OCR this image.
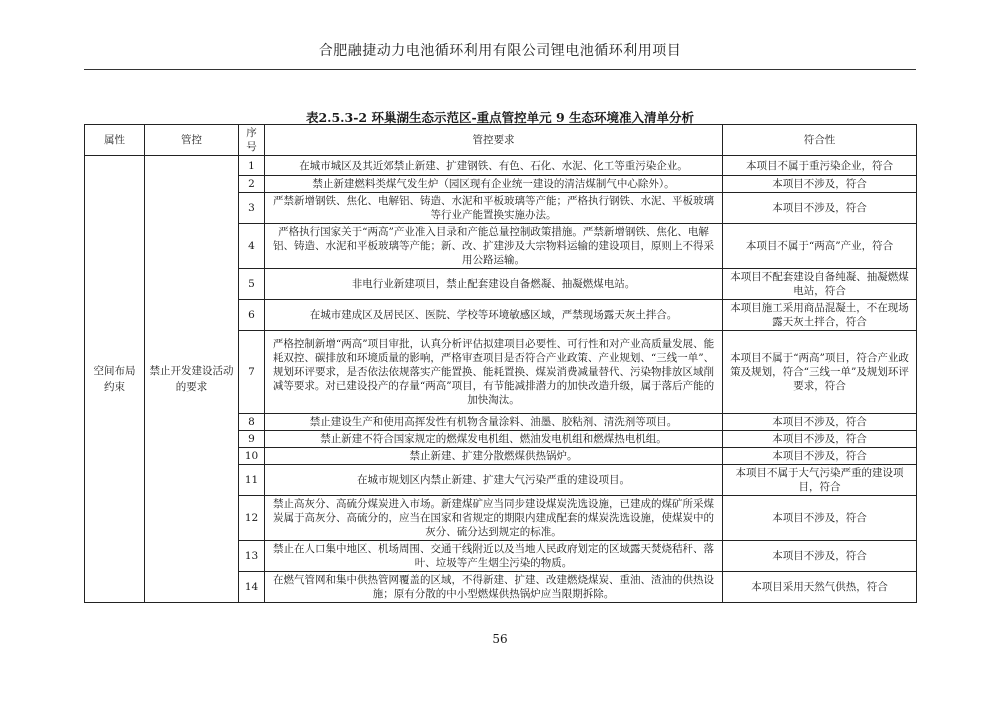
合肥融捷动力电池循环利用有限公司锂电池循环利用项目
表2.5.3-2 环巢湖生态示范区-重点管控单元 9 生态环境准入清单分析
属性	管控	序号	管控要求	符合性
空间布局约束	禁止开发建设活动的要求	1	在城市城区及其近郊禁止新建、扩建钢铁、有色、石化、水泥、化工等重污染企业。	本项目不属于重污染企业，符合
		2	禁止新建燃料类煤气发生炉（园区现有企业统一建设的清洁煤制气中心除外）。	本项目不涉及，符合
		3	严禁新增钢铁、焦化、电解铝、铸造、水泥和平板玻璃等产能；严格执行钢铁、水泥、平板玻璃等行业产能置换实施办法。	本项目不涉及，符合
		4	严格执行国家关于“两高”产业准入目录和产能总量控制政策措施。严禁新增钢铁、焦化、电解铝、铸造、水泥和平板玻璃等产能；新、改、扩建涉及大宗物料运输的建设项目，原则上不得采用公路运输。	本项目不属于“两高”产业，符合
		5	非电行业新建项目，禁止配套建设自备燃凝、抽凝燃煤电站。	本项目不配套建设自备纯凝、抽凝燃煤电站，符合
		6	在城市建成区及居民区、医院、学校等环境敏感区域，严禁现场露天灰土拌合。	本项目施工采用商品混凝土，不在现场露天灰土拌合，符合
		7	严格控制新增“两高”项目审批，认真分析评估拟建项目必要性、可行性和对产业高质量发展、能耗双控、碳排放和环境质量的影响，严格审查项目是否符合产业政策、产业规划、“三线一单”、规划环评要求，是否依法依规落实产能置换、能耗置换、煤炭消费减量替代、污染物排放区域削减等要求。对已建设投产的存量“两高”项目，有节能减排潜力的加快改造升级，属于落后产能的加快淘汰。	本项目不属于“两高”项目，符合产业政策及规划，符合“三线一单”及规划环评要求，符合
		8	禁止建设生产和使用高挥发性有机物含量涂料、油墨、胶粘剂、清洗剂等项目。	本项目不涉及，符合
		9	禁止新建不符合国家规定的燃煤发电机组、燃油发电机组和燃煤热电机组。	本项目不涉及，符合
		10	禁止新建、扩建分散燃煤供热锅炉。	本项目不涉及，符合
		11	在城市规划区内禁止新建、扩建大气污染严重的建设项目。	本项目不属于大气污染严重的建设项目，符合
		12	禁止高灰分、高硫分煤炭进入市场。新建煤矿应当同步建设煤炭洗选设施，已建成的煤矿所采煤炭属于高灰分、高硫分的，应当在国家和省规定的期限内建成配套的煤炭洗选设施，使煤炭中的灰分、硫分达到规定的标准。	本项目不涉及，符合
		13	禁止在人口集中地区、机场周围、交通干线附近以及当地人民政府划定的区域露天焚烧秸秆、落叶、垃圾等产生烟尘污染的物质。	本项目不涉及，符合
		14	在燃气管网和集中供热管网覆盖的区域，不得新建、扩建、改建燃烧煤炭、重油、渣油的供热设施；原有分散的中小型燃煤供热锅炉应当限期拆除。	本项目采用天然气供热，符合
56
